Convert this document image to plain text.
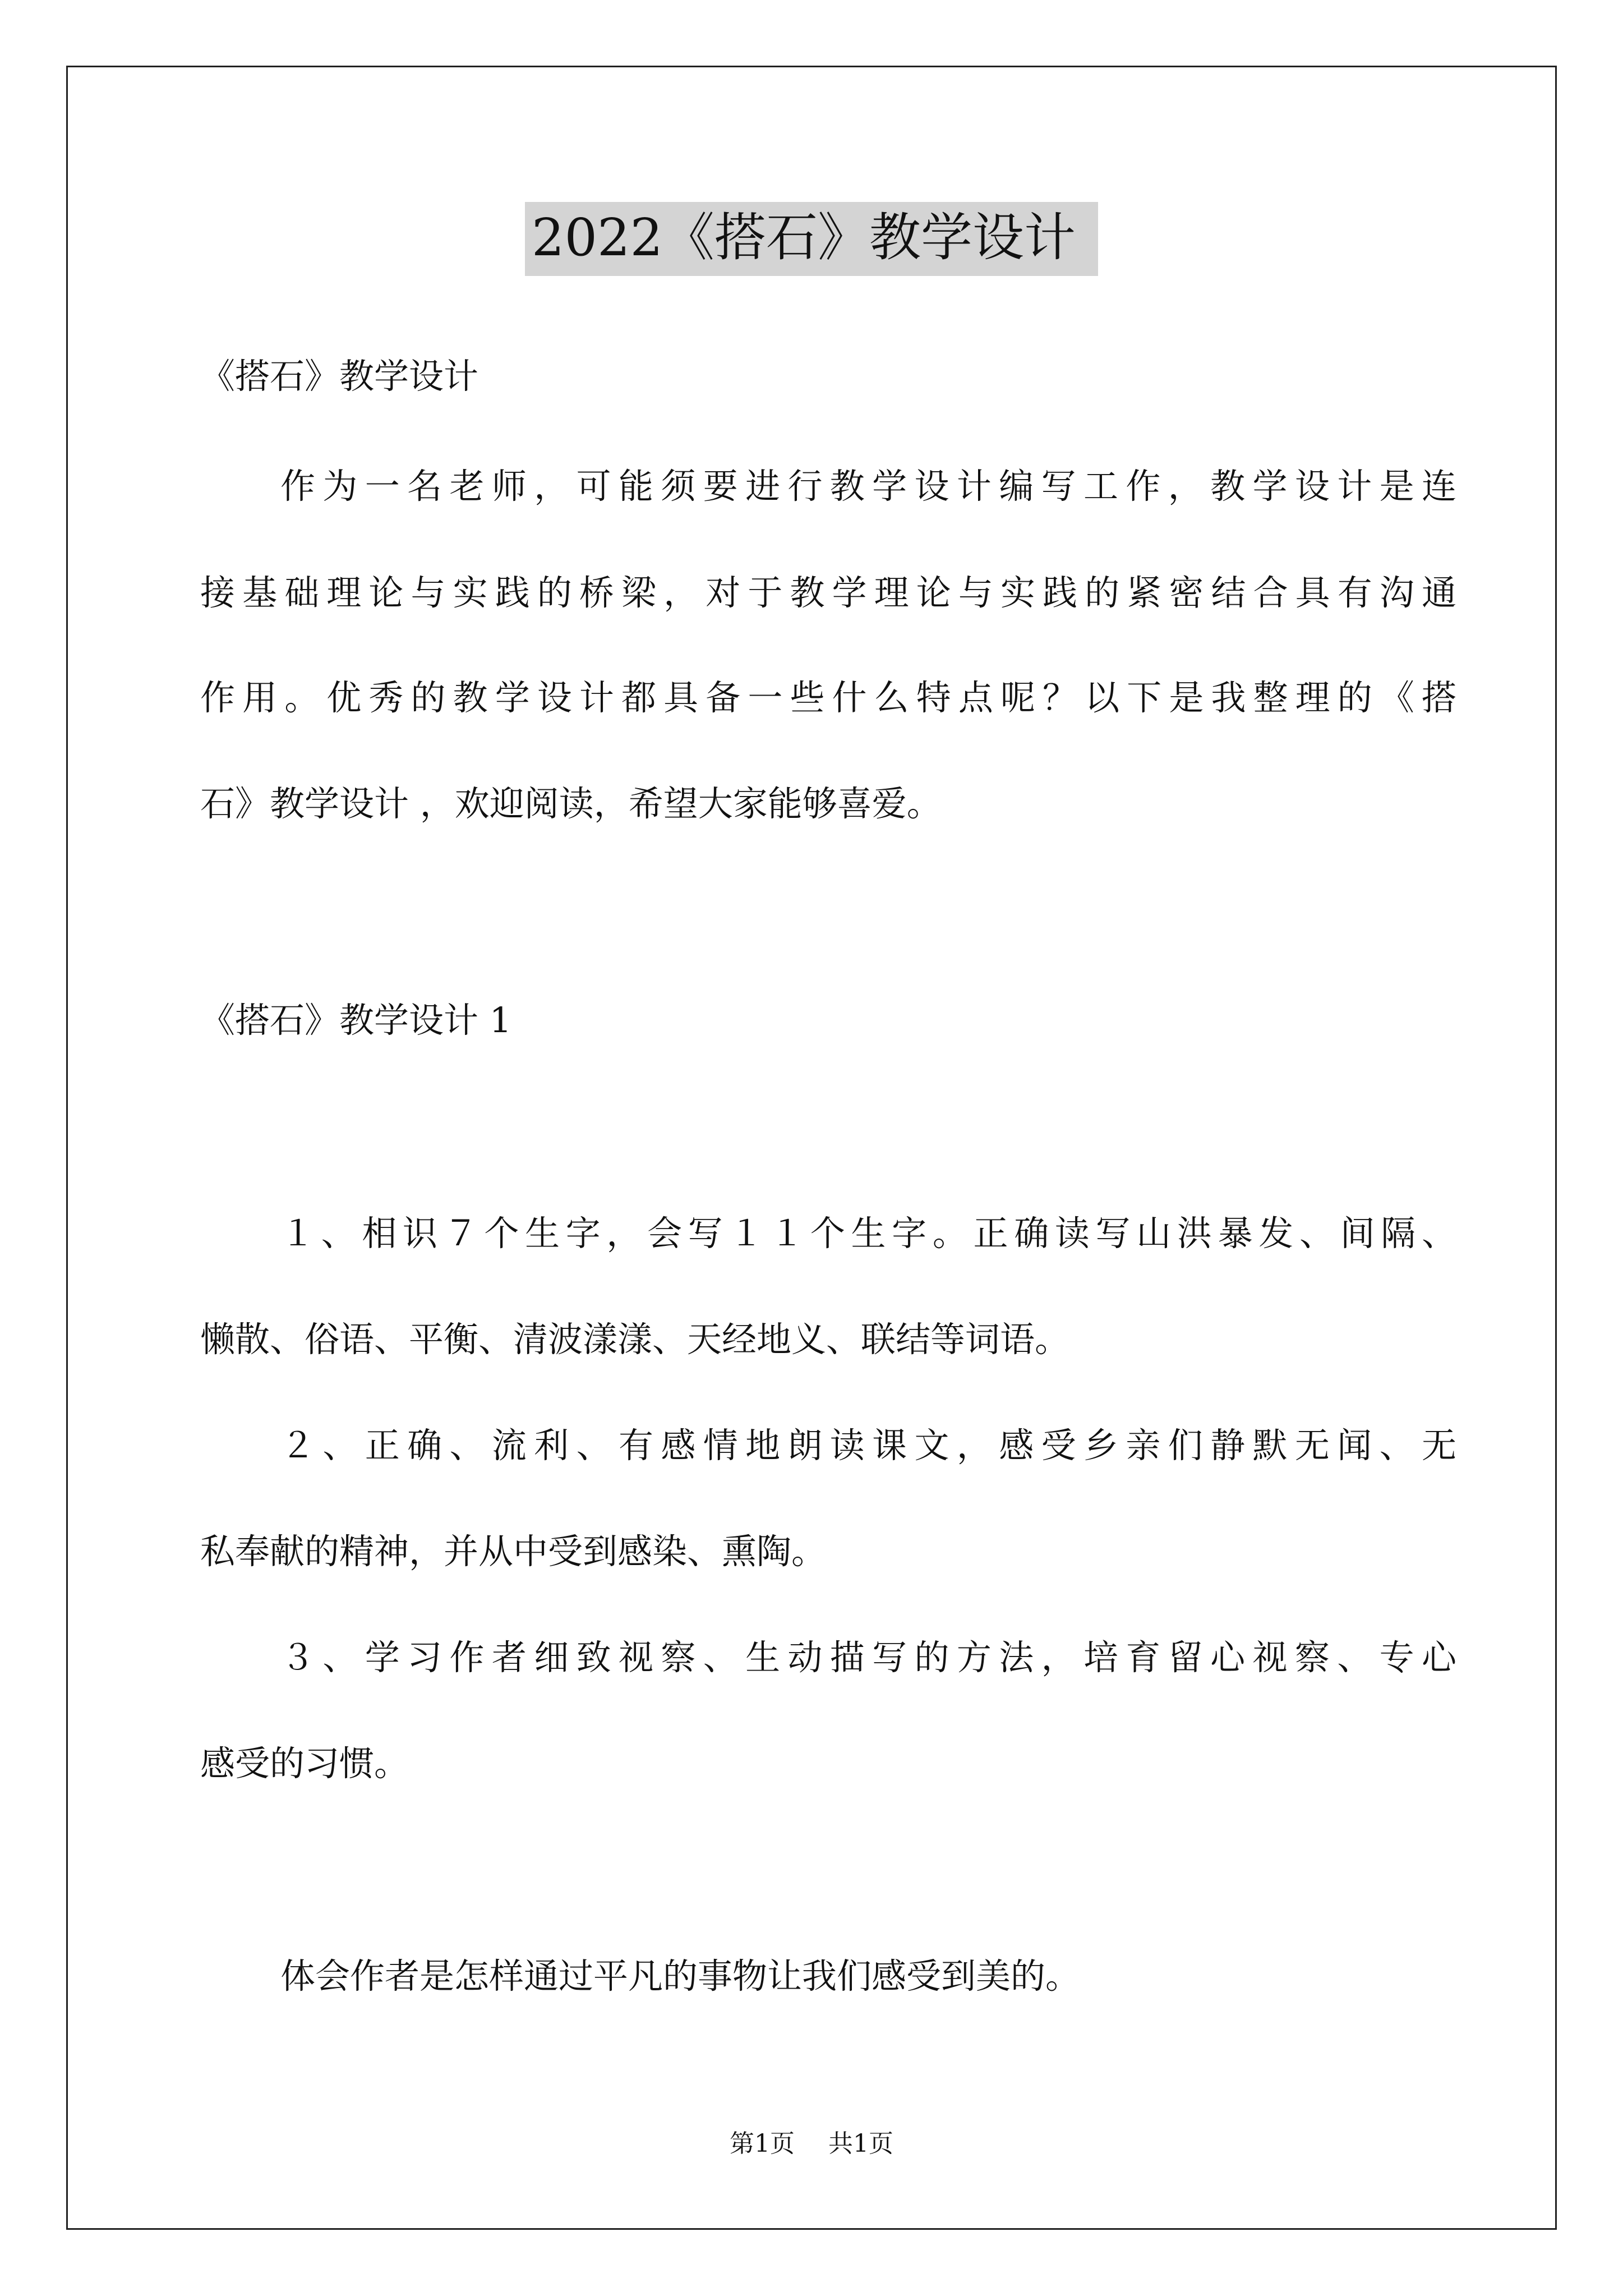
2022《搭石》教学设计
《搭石》教学设计
作为一名老师，可能须要进行教学设计编写工作，教学设计是连
接基础理论与实践的桥梁，对于教学理论与实践的紧密结合具有沟通
作用。优秀的教学设计都具备一些什么特点呢？以下是我整理的《搭
石》教学设计 ，欢迎阅读，希望大家能够喜爱。
《搭石》教学设计 1
１、相识７个生字，会写１１个生字。正确读写山洪暴发、间隔、
懒散、俗语、平衡、清波漾漾、天经地义、联结等词语。
２、正确、流利、有感情地朗读课文，感受乡亲们静默无闻、无
私奉献的精神，并从中受到感染、熏陶。
３、学习作者细致视察、生动描写的方法，培育留心视察、专心
感受的习惯。
体会作者是怎样通过平凡的事物让我们感受到美的。
第1页 共1页
